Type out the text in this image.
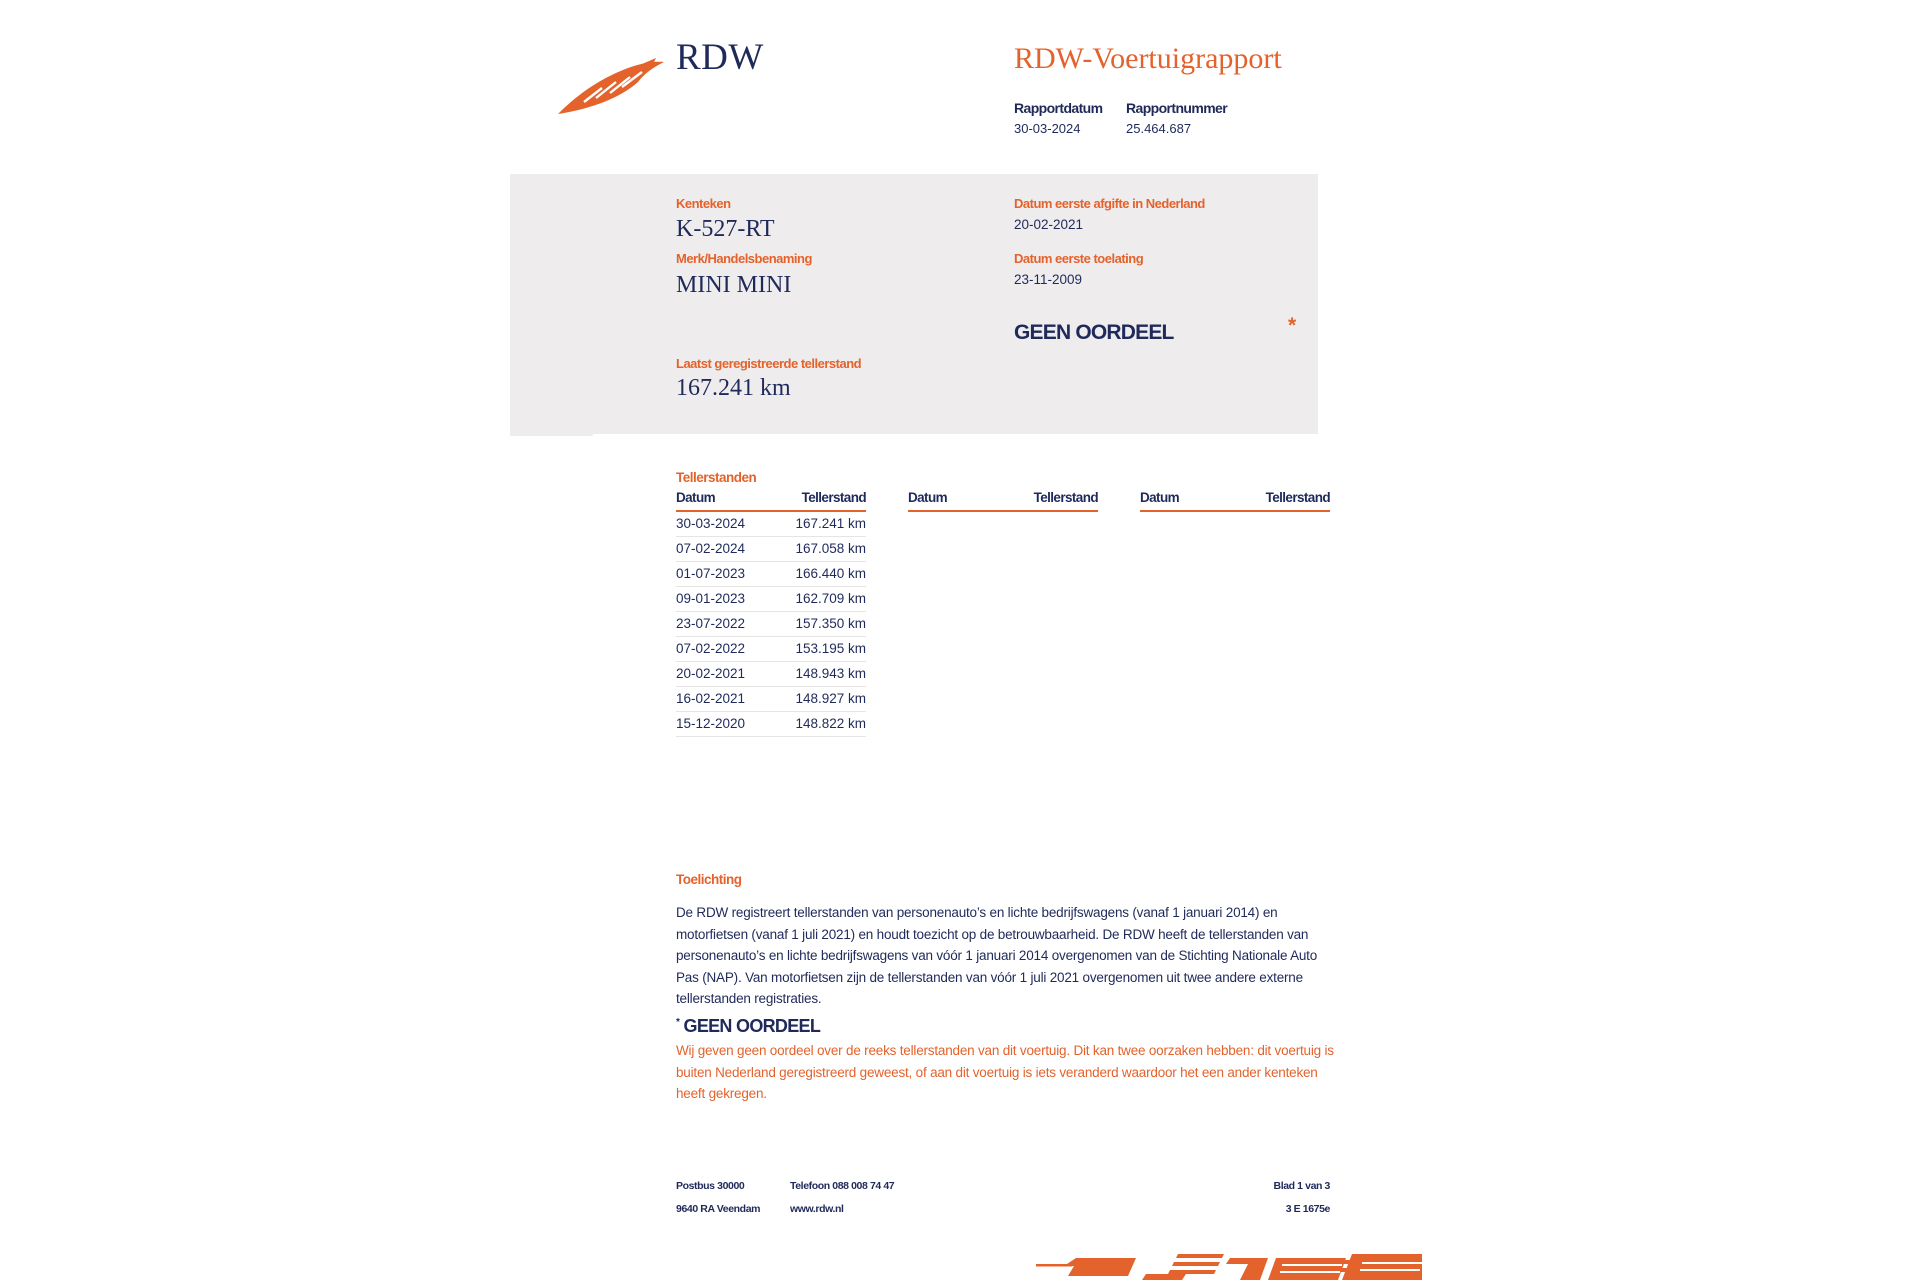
RDW	RDW-Voertuigrapport
Rapportdatum
30-03-2024
Rapportnummer
25.464.687
Kenteken
K-527-RT
Merk/Handelsbenaming
MINI MINI
Datum eerste afgifte in Nederland
20-02-2021
Datum eerste toelating
23-11-2009
GEEN OORDEEL	*
Laatst geregistreerde tellerstand
167.241 km
Tellerstanden
Datum	Tellerstand	Datum	Tellerstand	Datum	Tellerstand
30-03-2024	167.241 km
07-02-2024	167.058 km
01-07-2023	166.440 km
09-01-2023	162.709 km
23-07-2022	157.350 km
07-02-2022	153.195 km
20-02-2021	148.943 km
16-02-2021	148.927 km
15-12-2020	148.822 km
Toelichting
De RDW registreert tellerstanden van personenauto’s en lichte bedrijfswagens (vanaf 1 januari 2014) en motorfietsen (vanaf 1 juli 2021) en houdt toezicht op de betrouwbaarheid. De RDW heeft de tellerstanden van personenauto’s en lichte bedrijfswagens van vóór 1 januari 2014 overgenomen van de Stichting Nationale Auto Pas (NAP). Van motorfietsen zijn de tellerstanden van vóór 1 juli 2021 overgenomen uit twee andere externe tellerstanden registraties.
* GEEN OORDEEL
Wij geven geen oordeel over de reeks tellerstanden van dit voertuig. Dit kan twee oorzaken hebben: dit voertuig is buiten Nederland geregistreerd geweest, of aan dit voertuig is iets veranderd waardoor het een ander kenteken heeft gekregen.
Postbus 30000
9640 RA Veendam
Telefoon 088 008 74 47
www.rdw.nl
Blad 1 van 3
3 E 1675e
